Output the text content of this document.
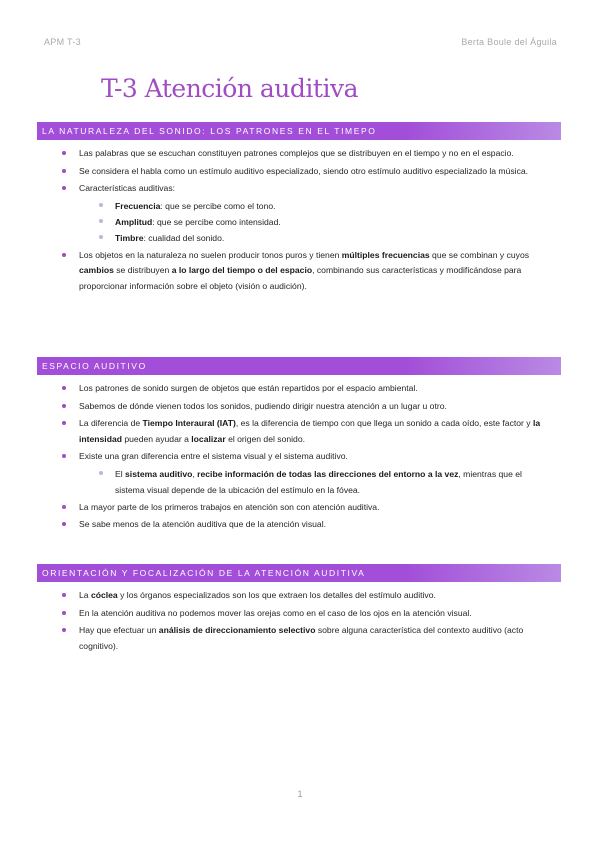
APM T-3	Berta Boule del Águila
T-3 Atención auditiva
LA NATURALEZA DEL SONIDO: LOS PATRONES EN EL TIMEPO
Las palabras que se escuchan constituyen patrones complejos que se distribuyen en el tiempo y no en el espacio.
Se considera el habla como un estímulo auditivo especializado, siendo otro estímulo auditivo especializado la música.
Características auditivas:
Frecuencia: que se percibe como el tono.
Amplitud: que se percibe como intensidad.
Timbre: cualidad del sonido.
Los objetos en la naturaleza no suelen producir tonos puros y tienen múltiples frecuencias que se combinan y cuyos cambios se distribuyen a lo largo del tiempo o del espacio, combinando sus características y modificándose para proporcionar información sobre el objeto (visión o audición).
ESPACIO AUDITIVO
Los patrones de sonido surgen de objetos que están repartidos por el espacio ambiental.
Sabemos de dónde vienen todos los sonidos, pudiendo dirigir nuestra atención a un lugar u otro.
La diferencia de Tiempo Interaural (IAT), es la diferencia de tiempo con que llega un sonido a cada oído, este factor y la intensidad pueden ayudar a localizar el origen del sonido.
Existe una gran diferencia entre el sistema visual y el sistema auditivo.
El sistema auditivo, recibe información de todas las direcciones del entorno a la vez, mientras que el sistema visual depende de la ubicación del estímulo en la fóvea.
La mayor parte de los primeros trabajos en atención son con atención auditiva.
Se sabe menos de la atención auditiva que de la atención visual.
ORIENTACIÓN Y FOCALIZACIÓN DE LA ATENCIÓN AUDITIVA
La cóclea y los órganos especializados son los que extraen los detalles del estímulo auditivo.
En la atención auditiva no podemos mover las orejas como en el caso de los ojos en la atención visual.
Hay que efectuar un análisis de direccionamiento selectivo sobre alguna característica del contexto auditivo (acto cognitivo).
1
